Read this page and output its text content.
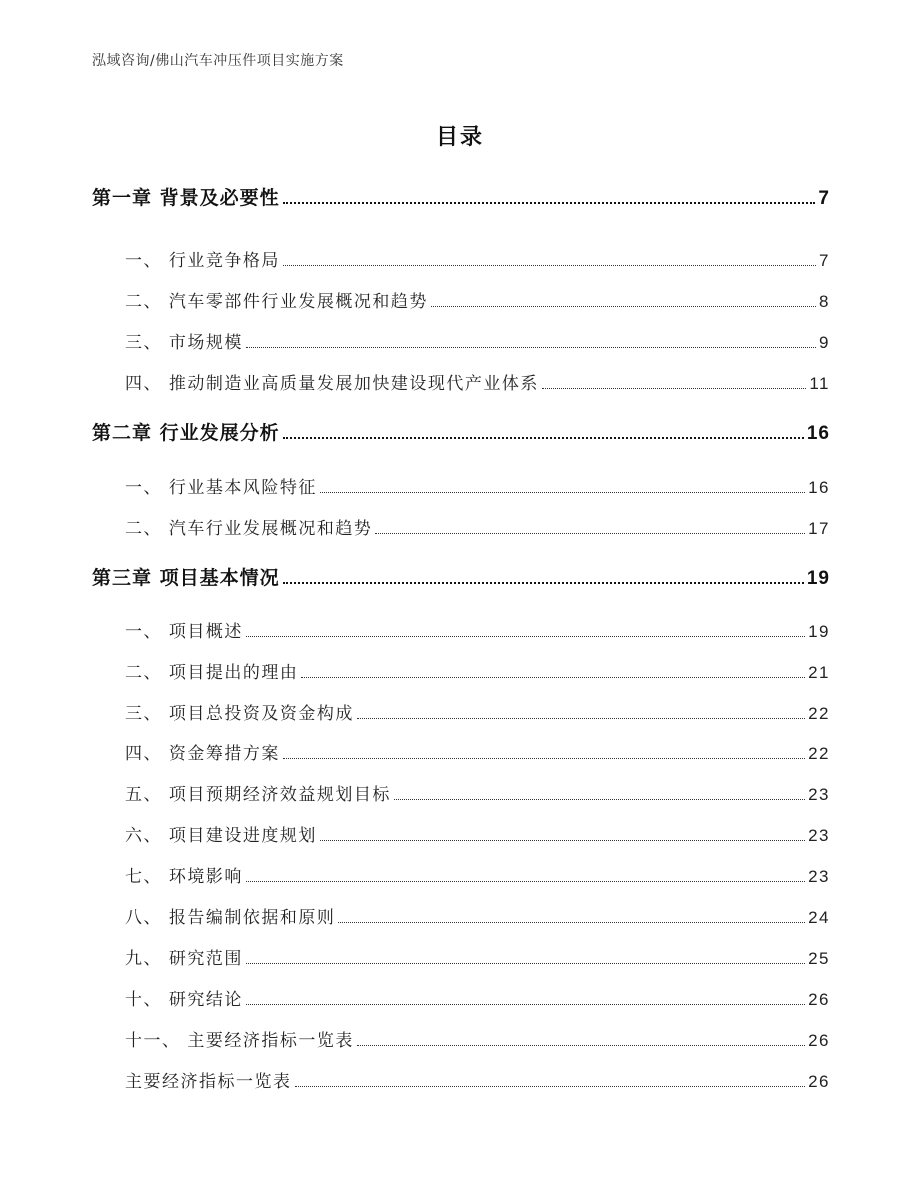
泓域咨询/佛山汽车冲压件项目实施方案
目录
第一章 背景及必要性	7
一、 行业竞争格局	7
二、 汽车零部件行业发展概况和趋势	8
三、 市场规模	9
四、 推动制造业高质量发展加快建设现代产业体系	11
第二章 行业发展分析	16
一、 行业基本风险特征	16
二、 汽车行业发展概况和趋势	17
第三章 项目基本情况	19
一、 项目概述	19
二、 项目提出的理由	21
三、 项目总投资及资金构成	22
四、 资金筹措方案	22
五、 项目预期经济效益规划目标	23
六、 项目建设进度规划	23
七、 环境影响	23
八、 报告编制依据和原则	24
九、 研究范围	25
十、 研究结论	26
十一、 主要经济指标一览表	26
主要经济指标一览表	26
